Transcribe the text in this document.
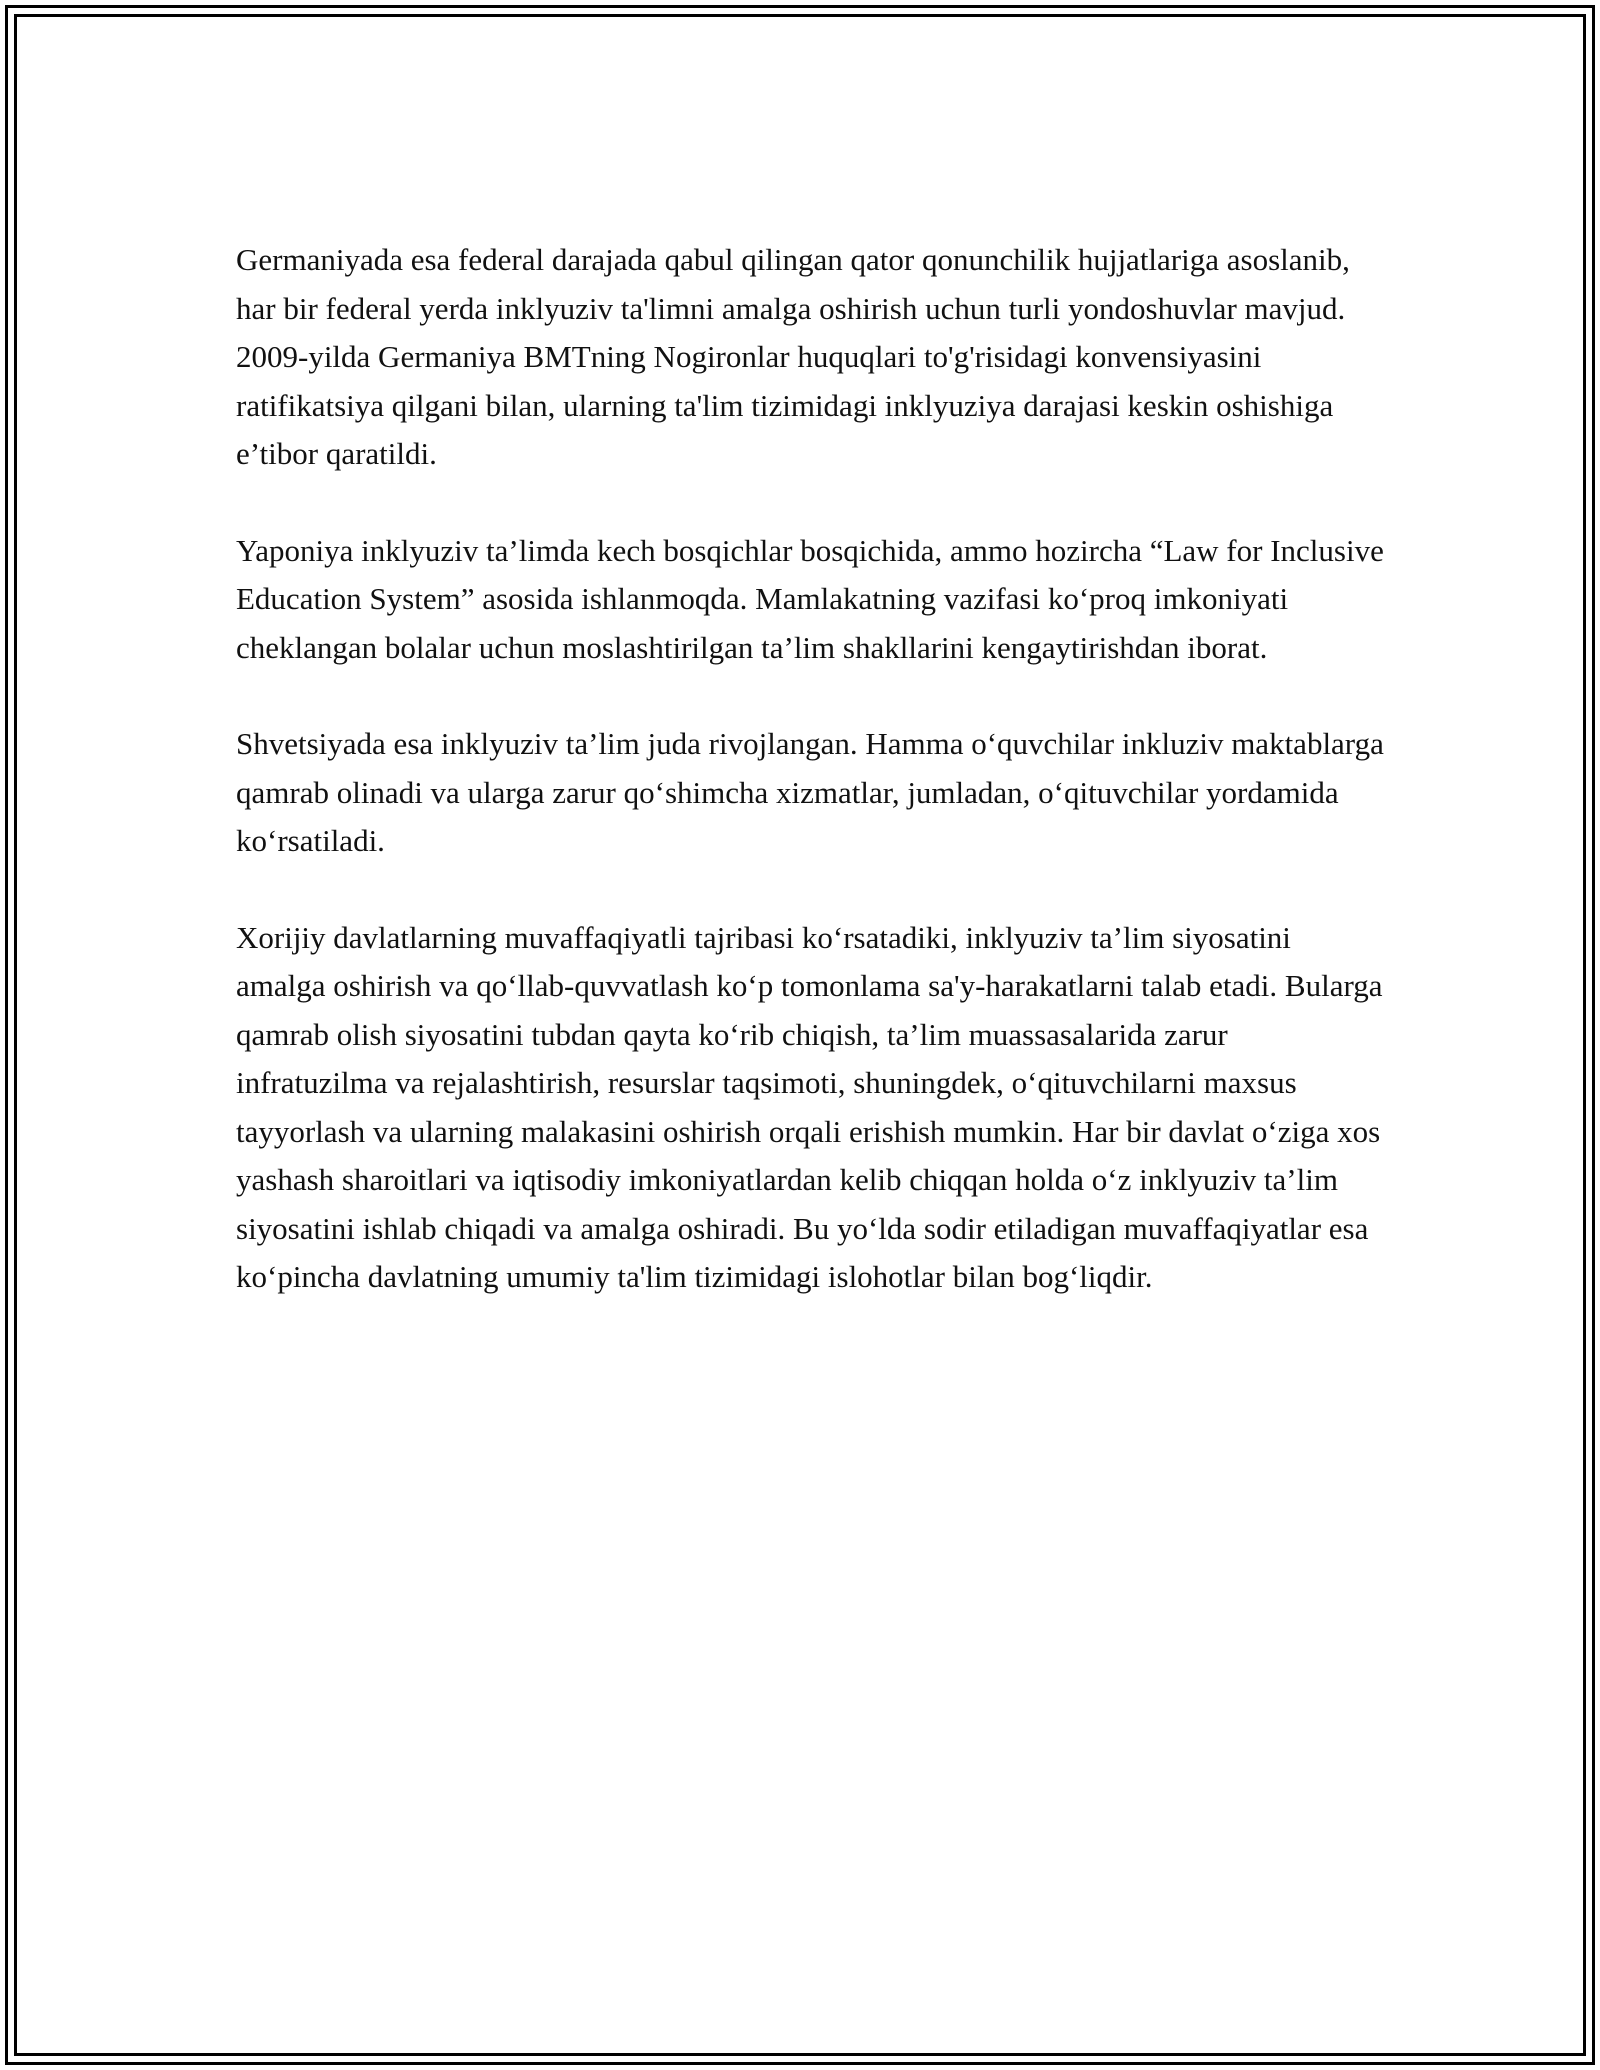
Germaniyada esa federal darajada qabul qilingan qator qonunchilik hujjatlariga asoslanib, har bir federal yerda inklyuziv ta'limni amalga oshirish uchun turli yondoshuvlar mavjud. 2009-yilda Germaniya BMTning Nogironlar huquqlari to'g'risidagi konvensiyasini ratifikatsiya qilgani bilan, ularning ta'lim tizimidagi inklyuziya darajasi keskin oshishiga e’tibor qaratildi.

Yaponiya inklyuziv ta’limda kech bosqichlar bosqichida, ammo hozircha “Law for Inclusive Education System” asosida ishlanmoqda. Mamlakatning vazifasi ko‘proq imkoniyati cheklangan bolalar uchun moslashtirilgan ta’lim shakllarini kengaytirishdan iborat.

Shvetsiyada esa inklyuziv ta’lim juda rivojlangan. Hamma o‘quvchilar inkluziv maktablarga qamrab olinadi va ularga zarur qo‘shimcha xizmatlar, jumladan, o‘qituvchilar yordamida ko‘rsatiladi.

Xorijiy davlatlarning muvaffaqiyatli tajribasi ko‘rsatadiki, inklyuziv ta’lim siyosatini amalga oshirish va qo‘llab-quvvatlash ko‘p tomonlama sa'y-harakatlarni talab etadi. Bularga qamrab olish siyosatini tubdan qayta ko‘rib chiqish, ta’lim muassasalarida zarur infratuzilma va rejalashtirish, resurslar taqsimoti, shuningdek, o‘qituvchilarni maxsus tayyorlash va ularning malakasini oshirish orqali erishish mumkin. Har bir davlat o‘ziga xos yashash sharoitlari va iqtisodiy imkoniyatlardan kelib chiqqan holda o‘z inklyuziv ta’lim siyosatini ishlab chiqadi va amalga oshiradi. Bu yo‘lda sodir etiladigan muvaffaqiyatlar esa ko‘pincha davlatning umumiy ta'lim tizimidagi islohotlar bilan bog‘liqdir.
